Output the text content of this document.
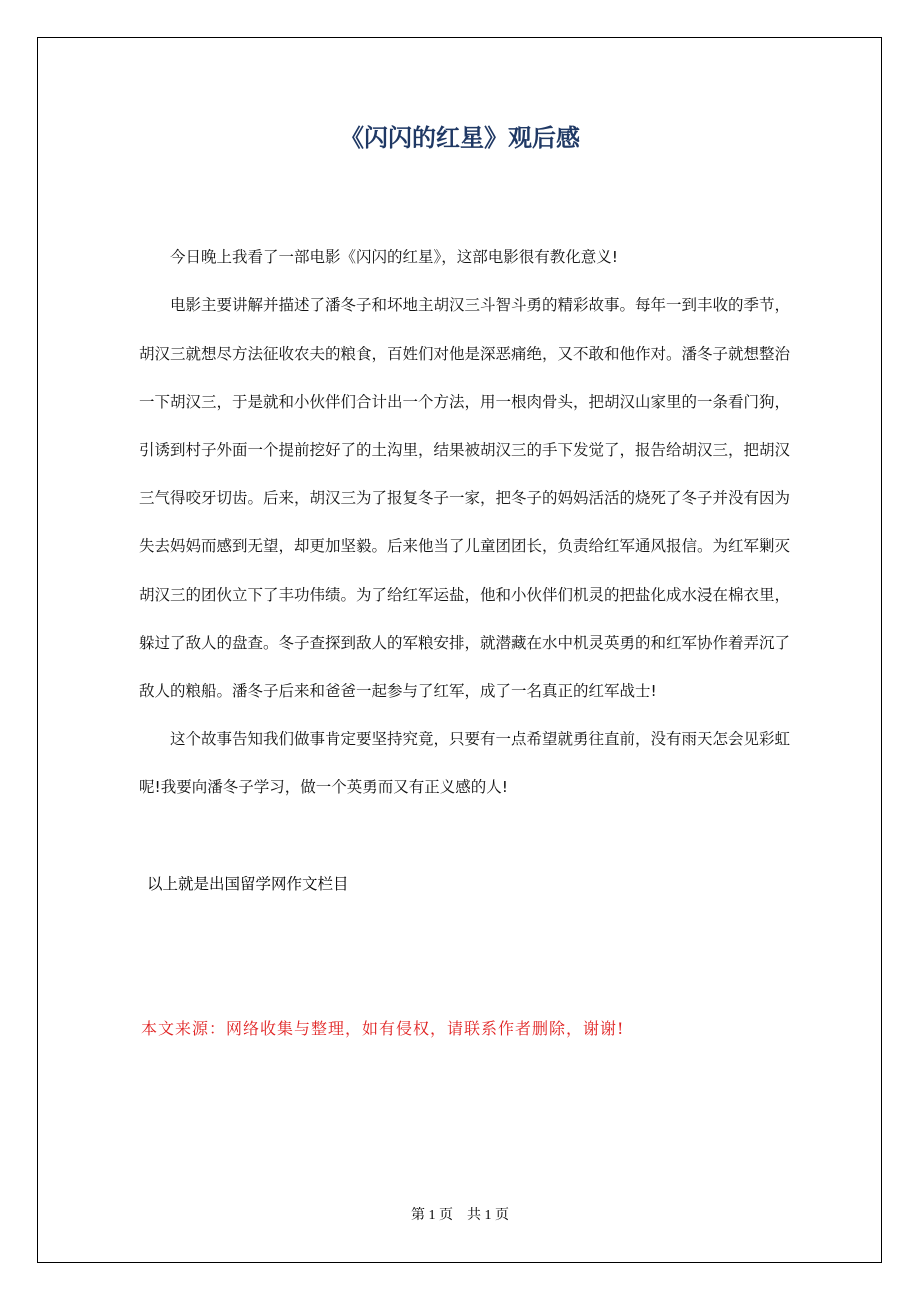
《闪闪的红星》观后感
今日晚上我看了一部电影《闪闪的红星》，这部电影很有教化意义!
电影主要讲解并描述了潘冬子和坏地主胡汉三斗智斗勇的精彩故事。每年一到丰收的季节，
胡汉三就想尽方法征收农夫的粮食，百姓们对他是深恶痛绝，又不敢和他作对。潘冬子就想整治
一下胡汉三，于是就和小伙伴们合计出一个方法，用一根肉骨头，把胡汉山家里的一条看门狗，
引诱到村子外面一个提前挖好了的土沟里，结果被胡汉三的手下发觉了，报告给胡汉三，把胡汉
三气得咬牙切齿。后来，胡汉三为了报复冬子一家，把冬子的妈妈活活的烧死了冬子并没有因为
失去妈妈而感到无望，却更加坚毅。后来他当了儿童团团长，负责给红军通风报信。为红军剿灭
胡汉三的团伙立下了丰功伟绩。为了给红军运盐，他和小伙伴们机灵的把盐化成水浸在棉衣里，
躲过了敌人的盘查。冬子查探到敌人的军粮安排，就潜藏在水中机灵英勇的和红军协作着弄沉了
敌人的粮船。潘冬子后来和爸爸一起参与了红军，成了一名真正的红军战士!
这个故事告知我们做事肯定要坚持究竟，只要有一点希望就勇往直前，没有雨天怎会见彩虹
呢!我要向潘冬子学习，做一个英勇而又有正义感的人!
以上就是出国留学网作文栏目
本文来源：网络收集与整理，如有侵权，请联系作者删除，谢谢!
第 1 页　共 1 页
